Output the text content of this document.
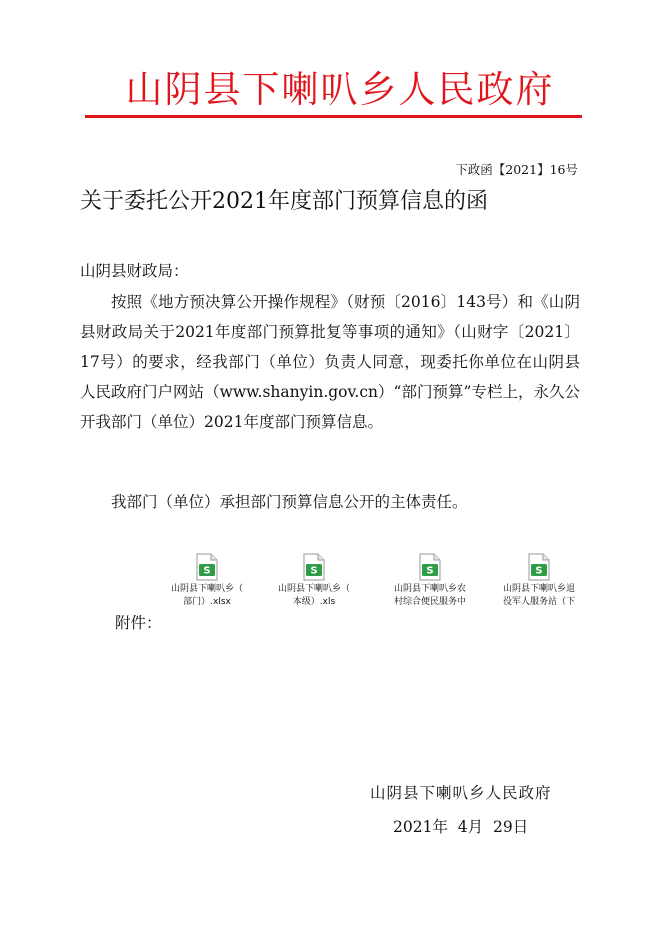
山阴县下喇叭乡人民政府
下政函【2021】16号
关于委托公开2021年度部门预算信息的函
山阴县财政局：
按照《地方预决算公开操作规程》（财预〔2016〕143号）和《山阴县财政局关于2021年度部门预算批复等事项的通知》（山财字〔2021〕17号）的要求，经我部门（单位）负责人同意，现委托你单位在山阴县人民政府门户网站（www.shanyin.gov.cn）“部门预算”专栏上，永久公开我部门（单位）2021年度部门预算信息。
我部门（单位）承担部门预算信息公开的主体责任。
S
山阴县下喇叭乡（
部门）.xlsx
S
山阴县下喇叭乡（
本级）.xls
S
山阴县下喇叭乡农
村综合便民服务中
S
山阴县下喇叭乡退
役军人服务站（下
附件：
山阴县下喇叭乡人民政府
2021年  4月  29日
